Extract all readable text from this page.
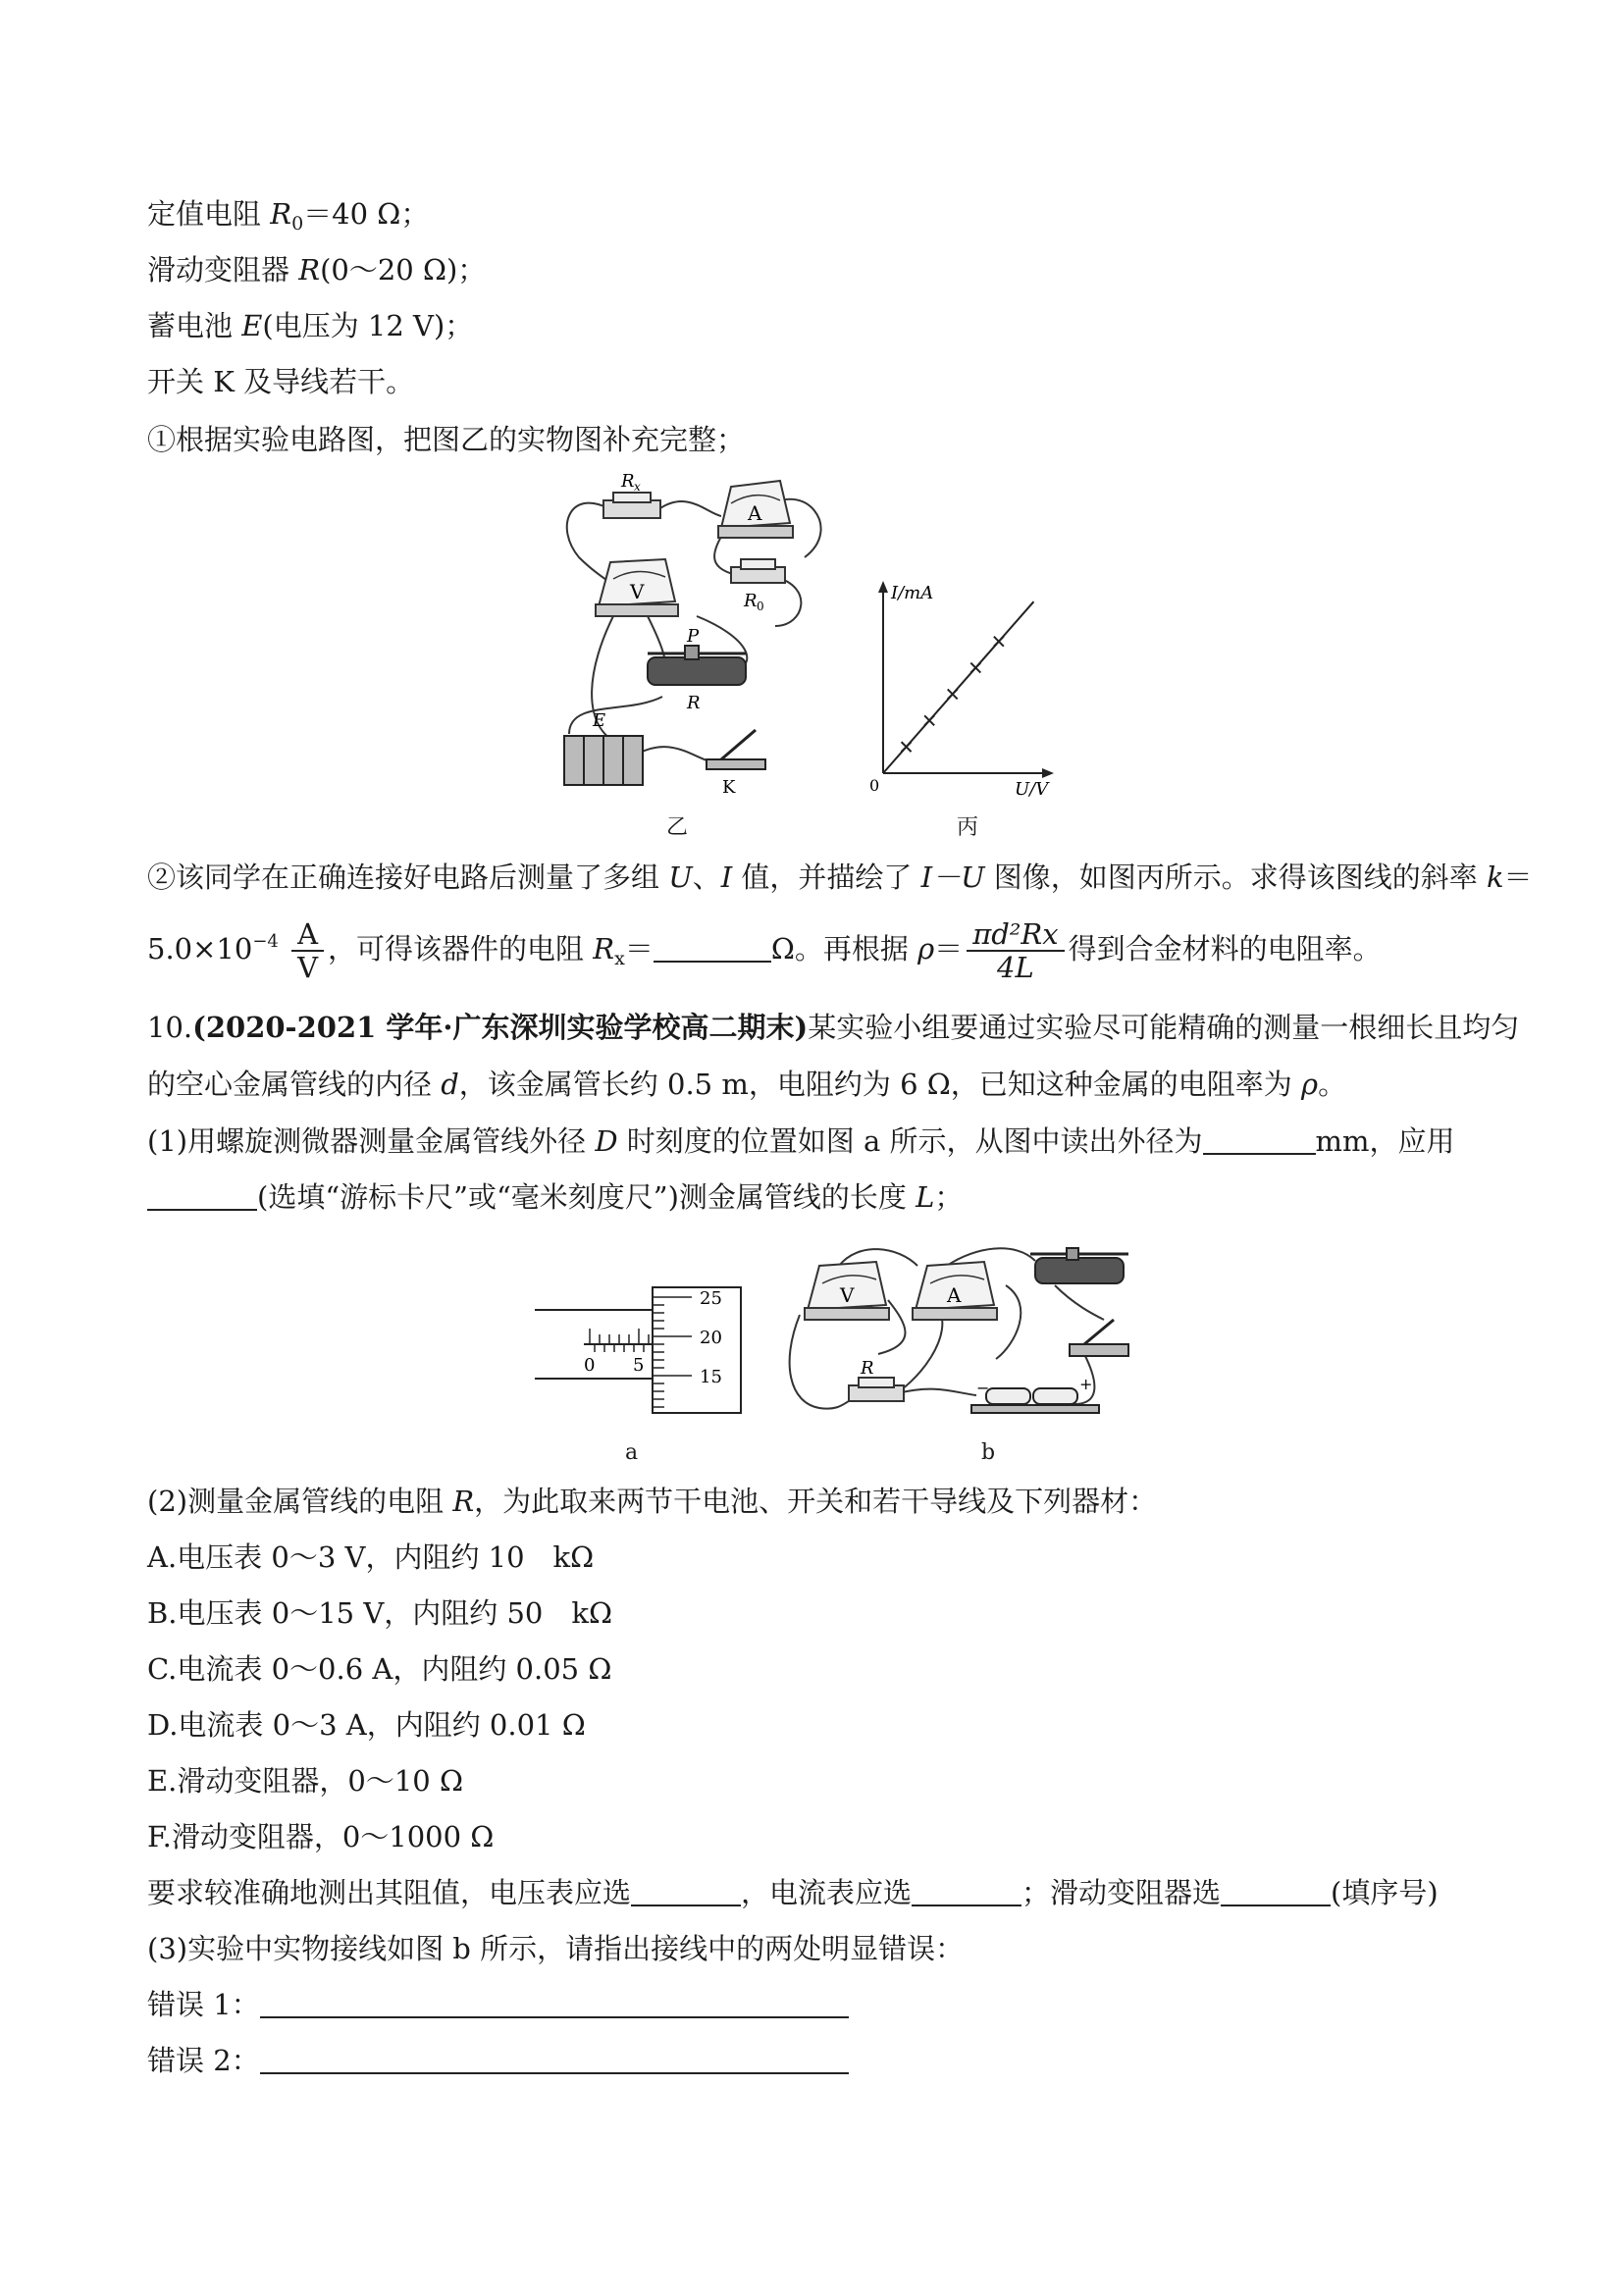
定值电阻 $R_0=40$ Ω；
滑动变阻器 R(0～20 Ω)；
蓄电池 E(电压为 12 V)；
开关 K 及导线若干。
①根据实验电路图，把图乙的实物图补充完整；
R x
A
R 0
V
P
R
E
K
乙
I/mA
U/V
0
丙
②该同学在正确连接好电路后测量了多组 U、I 值，并描绘了 I－U 图像，如图丙所示。求得该图线的斜率 k＝
$5.0\times 10^{-4} \frac{A}{V}$ ，可得该器件的电阻 $R_x=$	Ω。再根据 $\rho= \frac{\text{πd²Rx}}{4L}$ 得到合金材料的电阻率。
10.(2020-2021 学年·广东深圳实验学校高二期末)某实验小组要通过实验尽可能精确的测量一根细长且均匀
的空心金属管线的内径 d，该金属管长约 0.5 m，电阻约为 6 Ω，已知这种金属的电阻率为 ρ。
(1)用螺旋测微器测量金属管线外径 D 时刻度的位置如图 a 所示，从图中读出外径为	mm，应用
(选填“游标卡尺”或“毫米刻度尺”)测金属管线的长度 L；
25
20
15
0 5
a
V	A
R
−	+
b
(2)测量金属管线的电阻 R，为此取来两节干电池、开关和若干导线及下列器材：
A.电压表 0～3 V，内阻约 10　kΩ
B.电压表 0～15 V，内阻约 50　kΩ
C.电流表 0～0.6 A，内阻约 0.05 Ω
D.电流表 0～3 A，内阻约 0.01 Ω
E.滑动变阻器，0～10 Ω
F.滑动变阻器，0～1000 Ω
要求较准确地测出其阻值，电压表应选	，电流表应选	；滑动变阻器选	(填序号)
(3)实验中实物接线如图 b 所示，请指出接线中的两处明显错误：
错误 1：
错误 2：
